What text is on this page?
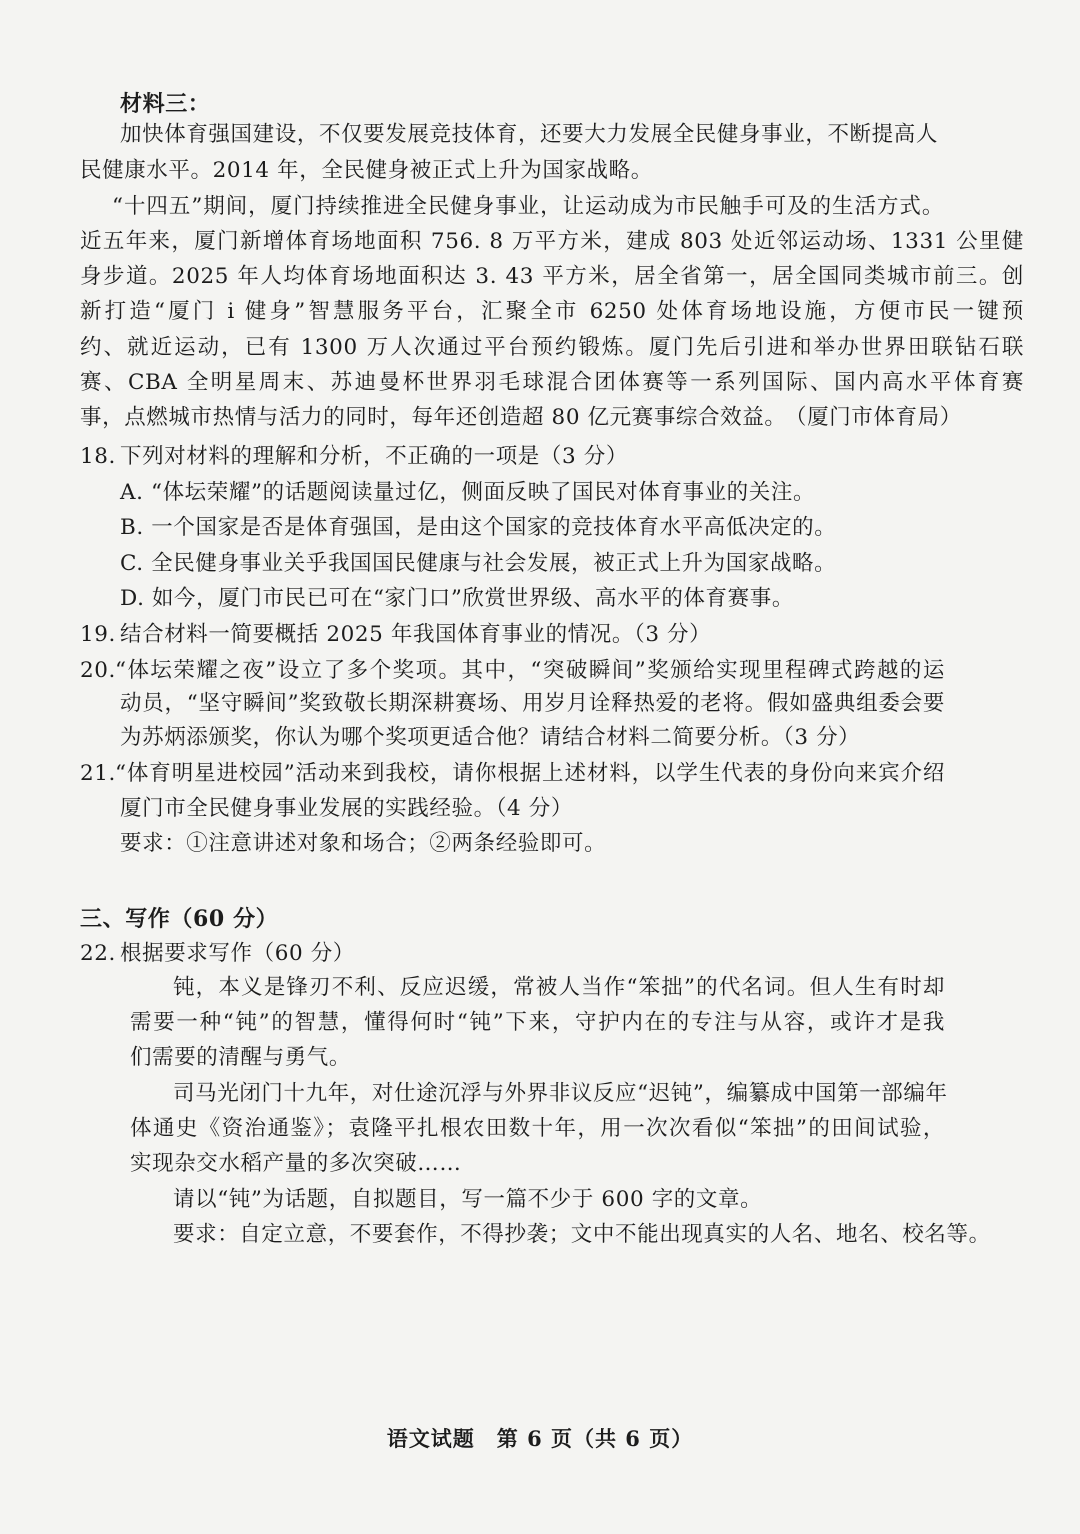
材料三：

加快体育强国建设，不仅要发展竞技体育，还要大力发展全民健身事业，不断提高人

民健康水平。2014 年，全民健身被正式上升为国家战略。

“十四五”期间，厦门持续推进全民健身事业，让运动成为市民触手可及的生活方式。

近五年来，厦门新增体育场地面积 756. 8 万平方米，建成 803 处近邻运动场、1331 公里健

身步道。2025 年人均体育场地面积达 3. 43 平方米，居全省第一，居全国同类城市前三。创

新打造“厦门 i 健身”智慧服务平台，汇聚全市 6250 处体育场地设施，方便市民一键预

约、就近运动，已有 1300 万人次通过平台预约锻炼。厦门先后引进和举办世界田联钻石联

赛、CBA 全明星周末、苏迪曼杯世界羽毛球混合团体赛等一系列国际、国内高水平体育赛

事，点燃城市热情与活力的同时，每年还创造超 80 亿元赛事综合效益。

（厦门市体育局）

18. 下列对材料的理解和分析，不正确的一项是（3 分）

A. “体坛荣耀”的话题阅读量过亿，侧面反映了国民对体育事业的关注。

B. 一个国家是否是体育强国，是由这个国家的竞技体育水平高低决定的。

C. 全民健身事业关乎我国国民健康与社会发展，被正式上升为国家战略。

D. 如今，厦门市民已可在“家门口”欣赏世界级、高水平的体育赛事。

19. 结合材料一简要概括 2025 年我国体育事业的情况。（3 分）

20. “体坛荣耀之夜”设立了多个奖项。其中，“突破瞬间”奖颁给实现里程碑式跨越的运

动员，“坚守瞬间”奖致敬长期深耕赛场、用岁月诠释热爱的老将。假如盛典组委会要

为苏炳添颁奖，你认为哪个奖项更适合他？请结合材料二简要分析。（3 分）

21. “体育明星进校园”活动来到我校，请你根据上述材料，以学生代表的身份向来宾介绍

厦门市全民健身事业发展的实践经验。（4 分）

要求：①注意讲述对象和场合；②两条经验即可。

三、写作（60 分）

22. 根据要求写作（60 分）

钝，本义是锋刃不利、反应迟缓，常被人当作“笨拙”的代名词。但人生有时却

需要一种“钝”的智慧，懂得何时“钝”下来，守护内在的专注与从容，或许才是我

们需要的清醒与勇气。

司马光闭门十九年，对仕途沉浮与外界非议反应“迟钝”，编纂成中国第一部编年

体通史《资治通鉴》；袁隆平扎根农田数十年，用一次次看似“笨拙”的田间试验，

实现杂交水稻产量的多次突破……

请以“钝”为话题，自拟题目，写一篇不少于 600 字的文章。

要求：自定立意，不要套作，不得抄袭；文中不能出现真实的人名、地名、校名等。

语文试题　第 6 页（共 6 页）
